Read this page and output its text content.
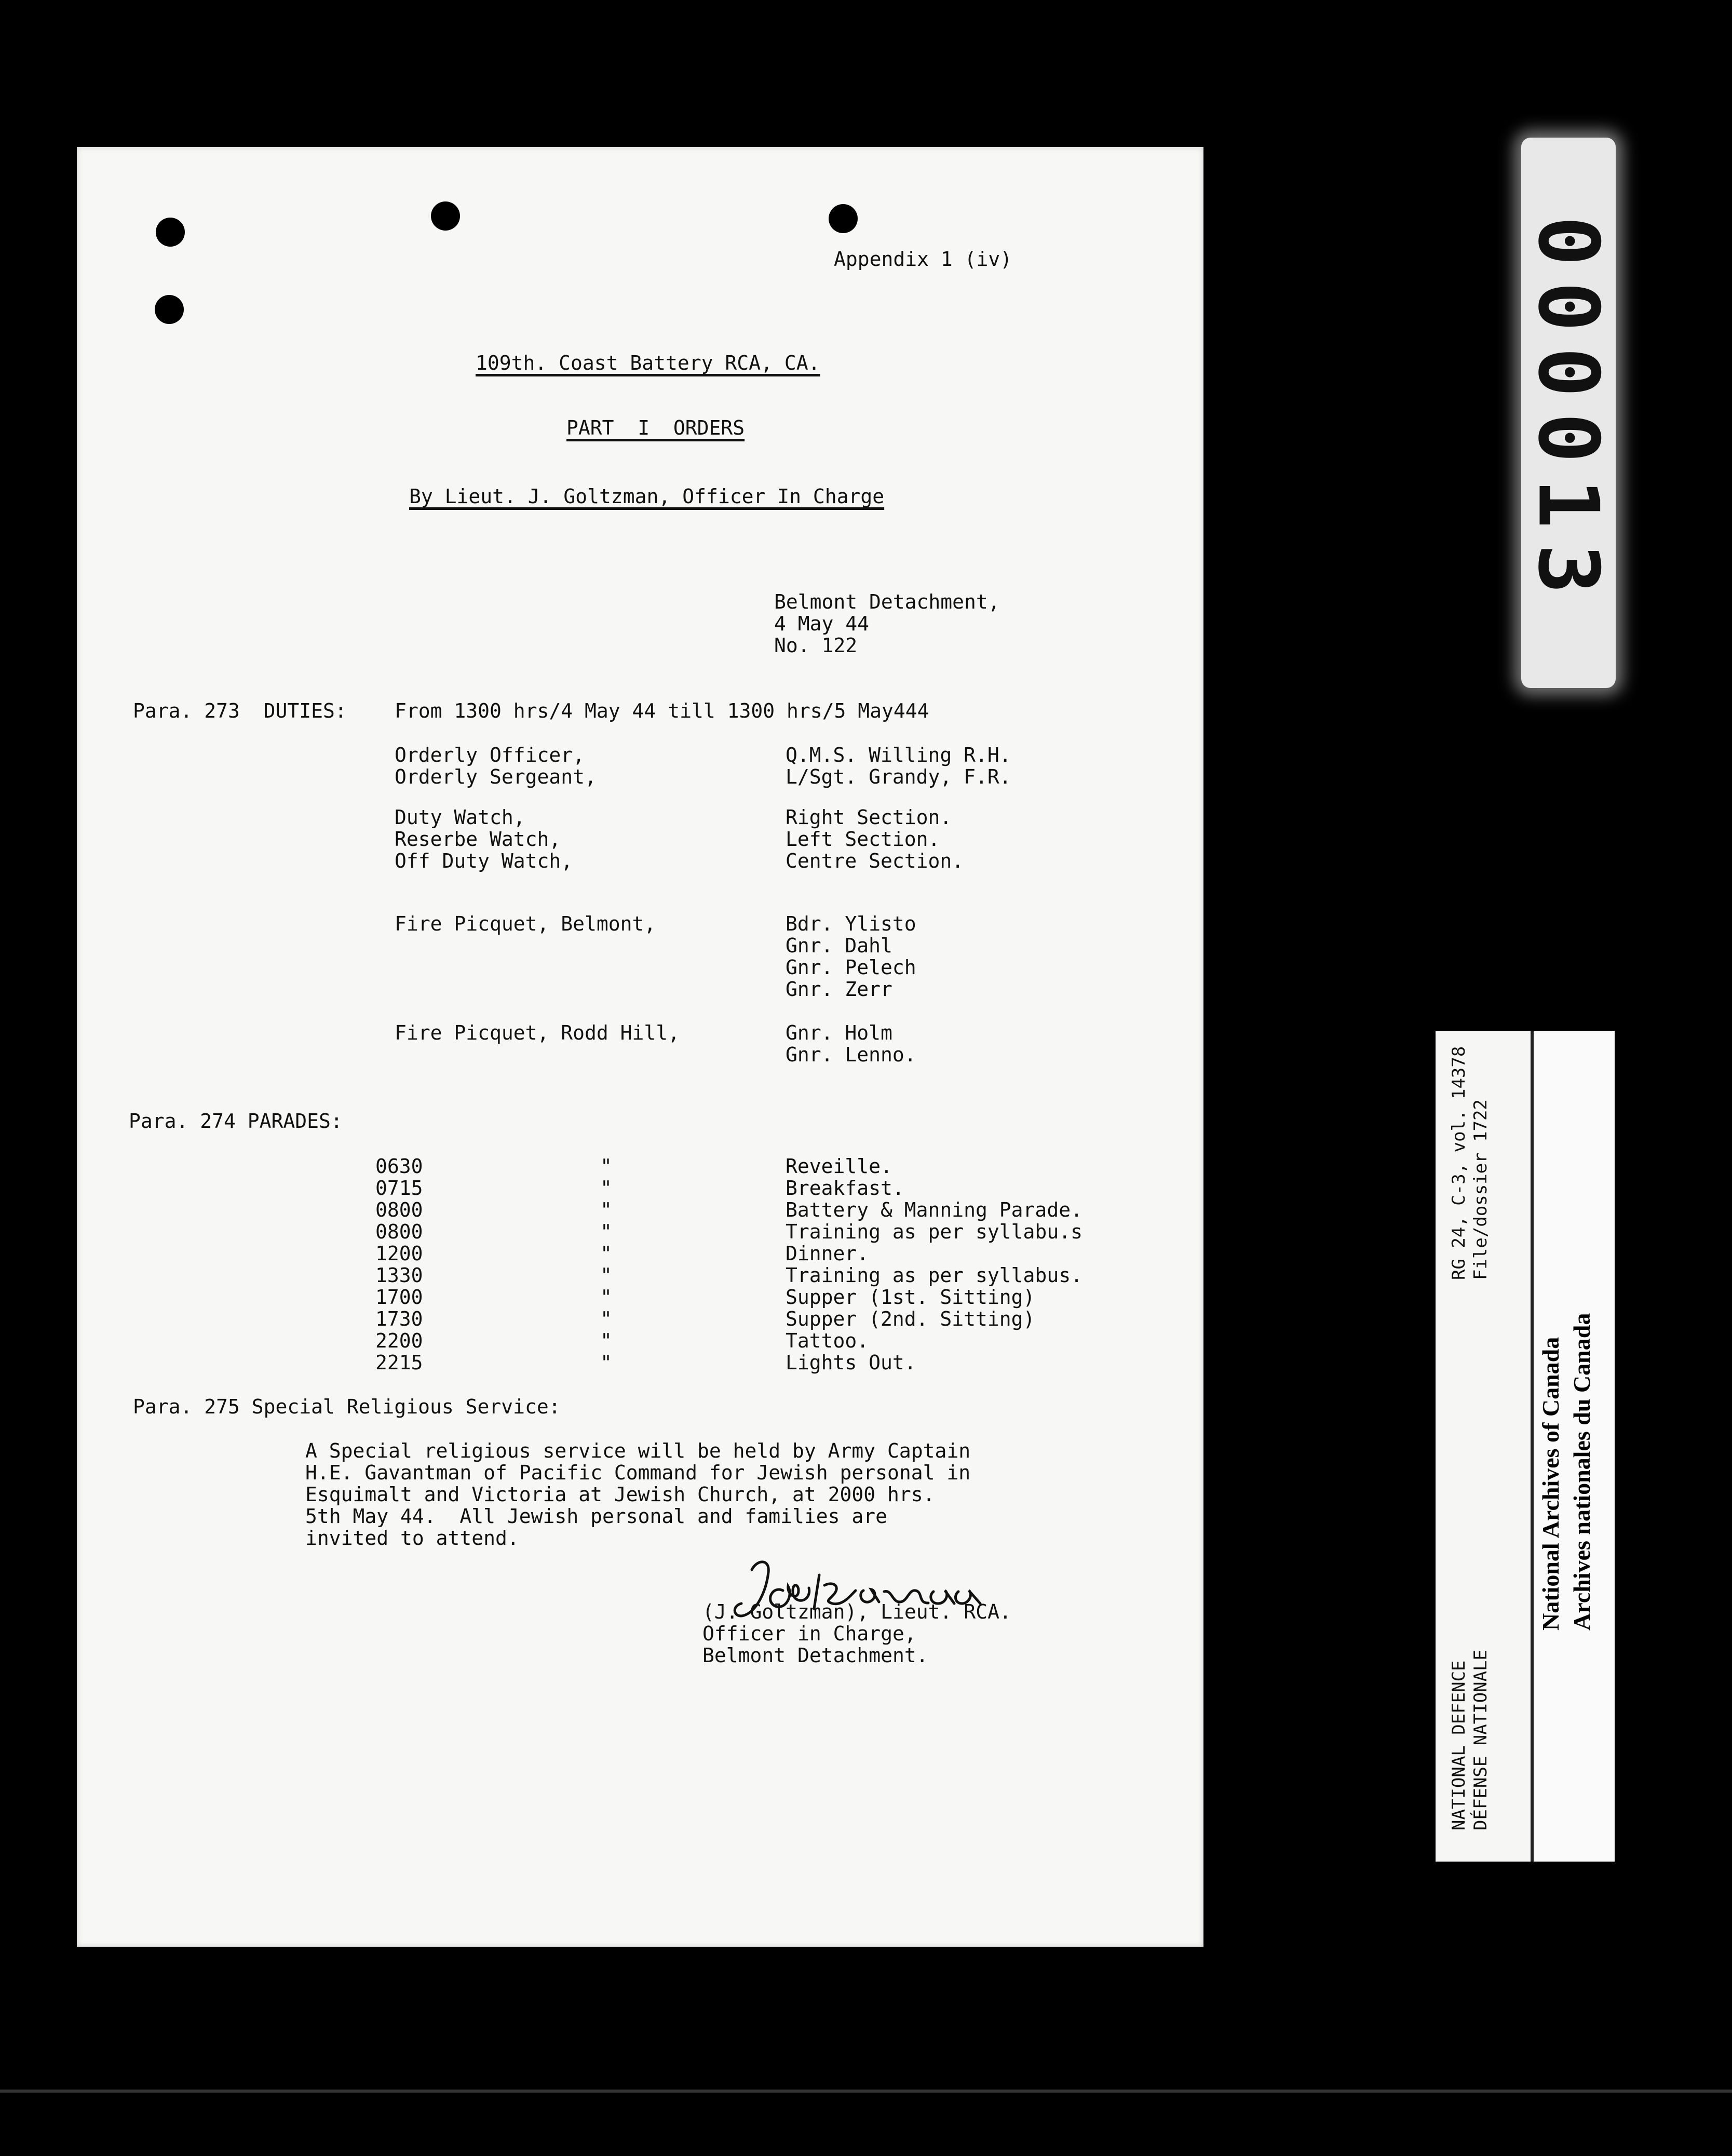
Appendix 1 (iv)
109th. Coast Battery RCA, CA.
PART  I  ORDERS
By Lieut. J. Goltzman, Officer In Charge
Belmont Detachment,
4 May 44
No. 122
Para. 273  DUTIES: From 1300 hrs/4 May 44 till 1300 hrs/5 May444
Orderly Officer,	Q.M.S. Willing R.H.
Orderly Sergeant,	L/Sgt. Grandy, F.R.
Duty Watch,	Right Section.
Reserbe Watch,	Left Section.
Off Duty Watch,	Centre Section.
Fire Picquet, Belmont,	Bdr. Ylisto
Gnr. Dahl
Gnr. Pelech
Gnr. Zerr
Fire Picquet, Rodd Hill,	Gnr. Holm
Gnr. Lenno.
Para. 274 PARADES:
0630	"	Reveille.
0715	"	Breakfast.
0800	"	Battery & Manning Parade.
0800	"	Training as per syllabu.s
1200	"	Dinner.
1330	"	Training as per syllabus.
1700	"	Supper (1st. Sitting)
1730	"	Supper (2nd. Sitting)
2200	"	Tattoo.
2215	"	Lights Out.
Para. 275 Special Religious Service:
A Special religious service will be held by Army Captain
H.E. Gavantman of Pacific Command for Jewish personal in
Esquimalt and Victoria at Jewish Church, at 2000 hrs.
5th May 44.  All Jewish personal and families are
invited to attend.
(J. Goltzman), Lieut. RCA.
Officer in Charge,
Belmont Detachment.
000013
RG 24, C-3, vol. 14378 File/dossier 1722
NATIONAL DEFENCE DÉFENSE NATIONALE
National Archives of Canada Archives nationales du Canada
